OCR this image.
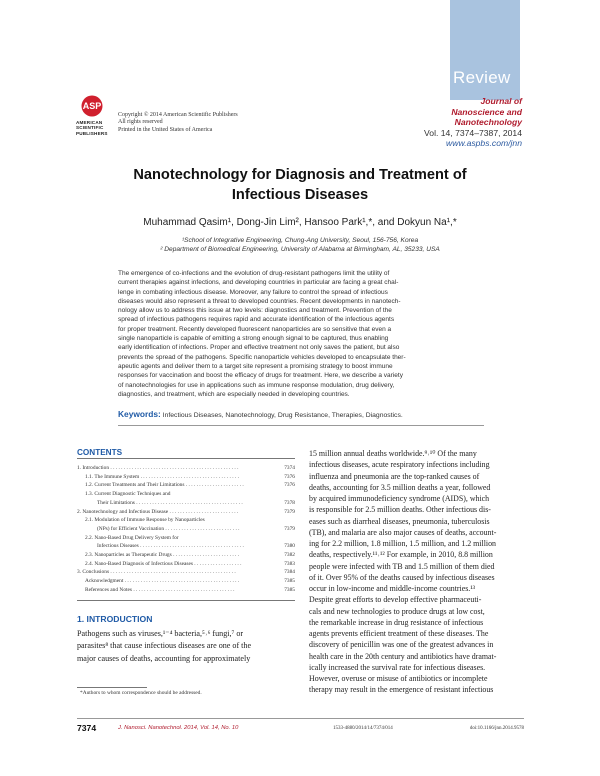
Review
ASP
AMERICAN
SCIENTIFIC
PUBLISHERS
Copyright © 2014 American Scientific Publishers
All rights reserved
Printed in the United States of America
Journal of
Nanoscience and Nanotechnology
Vol. 14, 7374–7387, 2014
www.aspbs.com/jnn
Nanotechnology for Diagnosis and Treatment of
Infectious Diseases
Muhammad Qasim¹, Dong-Jin Lim², Hansoo Park¹,*, and Dokyun Na¹,*
¹School of Integrative Engineering, Chung-Ang University, Seoul, 156-756, Korea
² Department of Biomedical Engineering, University of Alabama at Birmingham, AL, 35233, USA
The emergence of co-infections and the evolution of drug-resistant pathogens limit the utility of
current therapies against infections, and developing countries in particular are facing a great chal-
lenge in combating infectious disease. Moreover, any failure to control the spread of infectious
diseases would also represent a threat to developed countries. Recent developments in nanotech-
nology allow us to address this issue at two levels: diagnostics and treatment. Prevention of the
spread of infectious pathogens requires rapid and accurate identification of the infectious agents
for proper treatment. Recently developed fluorescent nanoparticles are so sensitive that even a
single nanoparticle is capable of emitting a strong enough signal to be captured, thus enabling
early identification of infections. Proper and effective treatment not only saves the patient, but also
prevents the spread of the pathogens. Specific nanoparticle vehicles developed to encapsulate ther-
apeutic agents and deliver them to a target site represent a promising strategy to boost immune
responses for vaccination and boost the efficacy of drugs for treatment. Here, we describe a variety
of nanotechnologies for use in applications such as immune response modulation, drug delivery,
diagnostics, and treatment, which are especially needed in developing countries.
Keywords: Infectious Diseases, Nanotechnology, Drug Resistance, Therapies, Diagnostics.
CONTENTS
1. Introduction . . . . . . . . . . . . . . . . . . . . . . . . . . . . . . . . . . . . . . . . . . . . . . . .	7374
1.1. The Immune System . . . . . . . . . . . . . . . . . . . . . . . . . . . . . . . . . . . . .	7376
1.2. Current Treatments and Their Limitations . . . . . . . . . . . . . . . . . . . . . .	7376
1.3. Current Diagnostic Techniques and
Their Limitations . . . . . . . . . . . . . . . . . . . . . . . . . . . . . . . . . . . . . . . .	7378
2. Nanotechnology and Infectious Disease . . . . . . . . . . . . . . . . . . . . . . . . . .	7379
2.1. Modulation of Immune Response by Nanoparticles
(NPs) for Efficient Vaccination . . . . . . . . . . . . . . . . . . . . . . . . . . . .	7379
2.2. Nano-Based Drug Delivery System for
Infectious Diseases . . . . . . . . . . . . . . . . . . . . . . . . . . . . . . . . . . . . . . .	7380
2.3. Nanoparticles as Therapeutic Drugs . . . . . . . . . . . . . . . . . . . . . . . . .	7382
2.4. Nano-Based Diagnosis of Infectious Diseases . . . . . . . . . . . . . . . . . .	7383
3. Conclusions . . . . . . . . . . . . . . . . . . . . . . . . . . . . . . . . . . . . . . . . . . . . . . .	7384
Acknowledgment . . . . . . . . . . . . . . . . . . . . . . . . . . . . . . . . . . . . . . . . . . .	7385
References and Notes . . . . . . . . . . . . . . . . . . . . . . . . . . . . . . . . . . . . . .	7385
1. INTRODUCTION
Pathogens such as viruses,¹⁻⁴ bacteria,⁵˒⁶ fungi,⁷ or
parasites⁸ that cause infectious diseases are one of the
major causes of deaths, accounting for approximately
*Authors to whom correspondence should be addressed.
15 million annual deaths worldwide.⁹˒¹⁰ Of the many
infectious diseases, acute respiratory infections including
influenza and pneumonia are the top-ranked causes of
deaths, accounting for 3.5 million deaths a year, followed
by acquired immunodeficiency syndrome (AIDS), which
is responsible for 2.5 million deaths. Other infectious dis-
eases such as diarrheal diseases, pneumonia, tuberculosis
(TB), and malaria are also major causes of deaths, account-
ing for 2.2 million, 1.8 million, 1.5 million, and 1.2 million
deaths, respectively.¹¹˒¹² For example, in 2010, 8.8 million
people were infected with TB and 1.5 million of them died
of it. Over 95% of the deaths caused by infectious diseases
occur in low-income and middle-income countries.¹³
Despite great efforts to develop effective pharmaceuti-
cals and new technologies to produce drugs at low cost,
the remarkable increase in drug resistance of infectious
agents prevents efficient treatment of these diseases. The
discovery of penicillin was one of the greatest advances in
health care in the 20th century and antibiotics have dramat-
ically increased the survival rate for infectious diseases.
However, overuse or misuse of antibiotics or incomplete
therapy may result in the emergence of resistant infectious
7374	J. Nanosci. Nanotechnol. 2014, Vol. 14, No. 10	1533-4880/2014/14/7374/014	doi:10.1166/jnn.2014.9578
